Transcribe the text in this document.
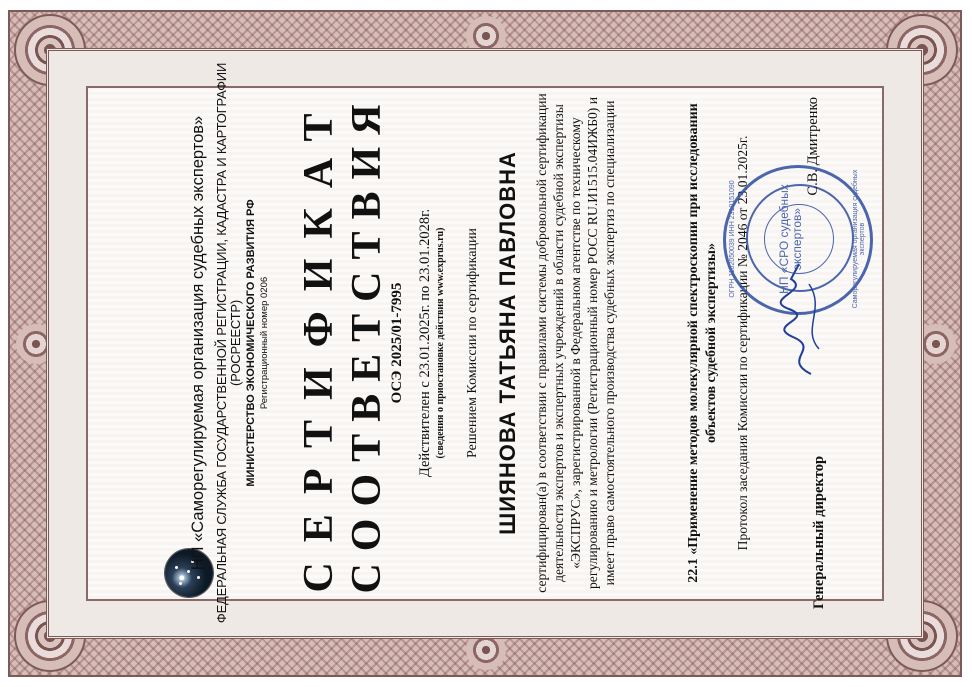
НП «Саморегулируемая организация судебных экспертов» ФЕДЕРАЛЬНАЯ СЛУЖБА ГОСУДАРСТВЕННОЙ РЕГИСТРАЦИИ, КАДАСТРА И КАРТОГРАФИИ (РОСРЕЕСТР) МИНИСТЕРСТВО ЭКОНОМИЧЕСКОГО РАЗВИТИЯ РФ Регистрационный номер 0206 СЕРТИФИКАТ СООТВЕТСТВИЯ ОСЭ 2025/01-7995 Действителен с 23.01.2025г. по 23.01.2028г. (сведения о приостановке действия www.exprus.ru) Решением Комиссии по сертификации ШИЯНОВА ТАТЬЯНА ПАВЛОВНА сертифицирован(а) в соответствии с правилами системы добровольной сертификации деятельности экспертов и экспертных учреждений в области судебной экспертизы «ЭКСПРУС», зарегистрированной в Федеральном агентстве по техническому регулированию и метрологии (Регистрационный номер РОСС RU.И1515.04ИЖБ0) и имеет право самостоятельного производства судебных экспертиз по специализации	22.1 «Применение методов молекулярной спектроскопии при исследовании объектов судебной экспертизы» Протокол заседания Комиссии по сертификации № 2046 от 23.01.2025г.
ОГРН 1102050039 ИНН 2310151090	НП «СРО судебных экспертов»	Саморегулируемая организация судебных экспертов
Генеральный директор
С.В. Дмитренко
